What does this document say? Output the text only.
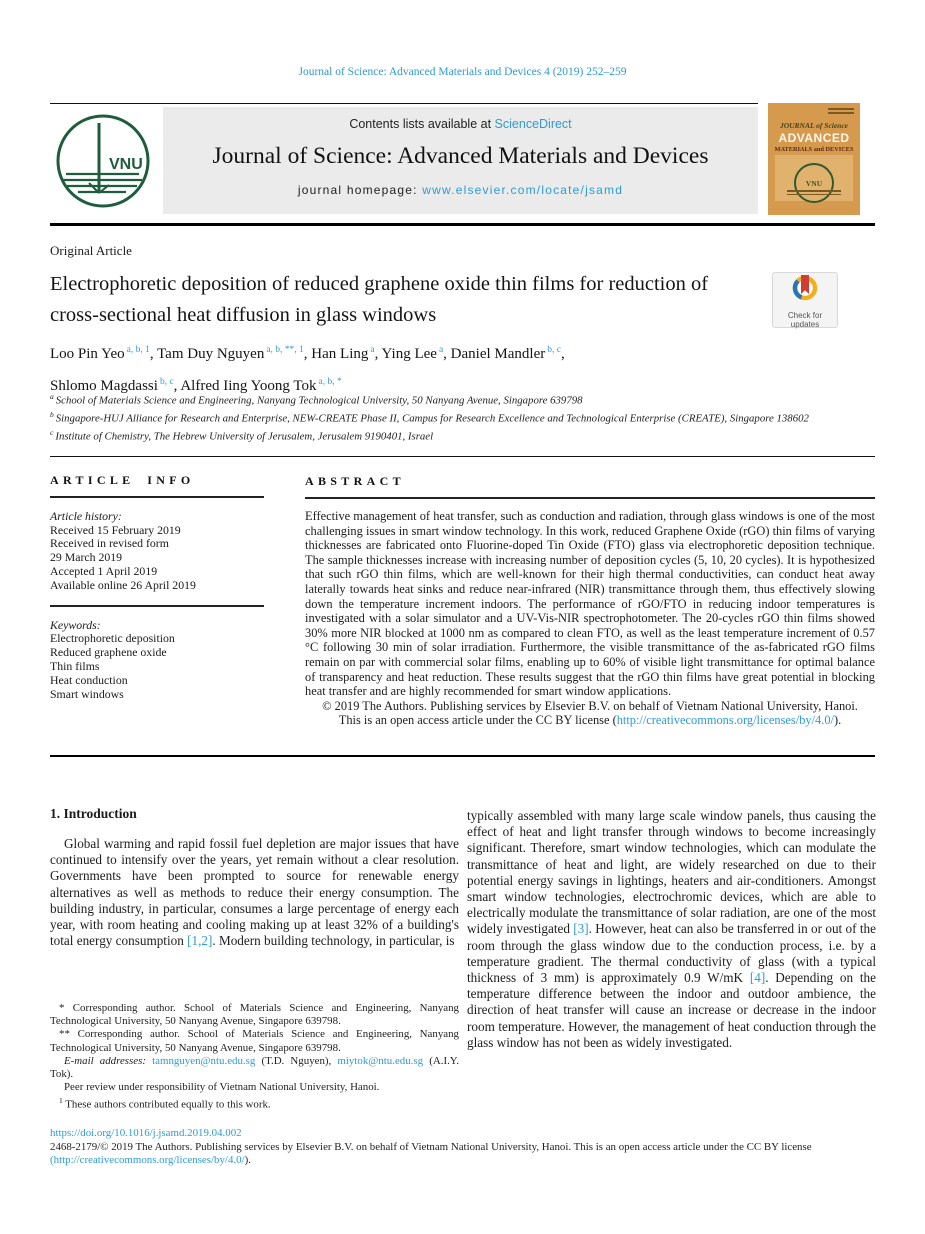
Journal of Science: Advanced Materials and Devices 4 (2019) 252–259
VNU
Contents lists available at ScienceDirect
Journal of Science: Advanced Materials and Devices
journal homepage: www.elsevier.com/locate/jsamd
JOURNAL of Science
ADVANCED
MATERIALS and DEVICES
VNU
Original Article
Electrophoretic deposition of reduced graphene oxide thin films for reduction of cross-sectional heat diffusion in glass windows	Check for
updates
Loo Pin Yeo $^{a, b, 1}$, Tam Duy Nguyen $^{a, b, **, 1}$, Han Ling $^a$, Ying Lee $^a$, Daniel Mandler $^{b, c}$,
Shlomo Magdassi $^{b, c}$, Alfred Iing Yoong Tok $^{a, b, *}$
$^a$ School of Materials Science and Engineering, Nanyang Technological University, 50 Nanyang Avenue, Singapore 639798
$^b$ Singapore-HUJ Alliance for Research and Enterprise, NEW-CREATE Phase II, Campus for Research Excellence and Technological Enterprise (CREATE), Singapore 138602
$^c$ Institute of Chemistry, The Hebrew University of Jerusalem, Jerusalem 9190401, Israel
ARTICLE INFO
Article history:
Received 15 February 2019
Received in revised form
29 March 2019
Accepted 1 April 2019
Available online 26 April 2019
Keywords:
Electrophoretic deposition
Reduced graphene oxide
Thin films
Heat conduction
Smart windows
ABSTRACT
Effective management of heat transfer, such as conduction and radiation, through glass windows is one of the most challenging issues in smart window technology. In this work, reduced Graphene Oxide (rGO) thin films of varying thicknesses are fabricated onto Fluorine-doped Tin Oxide (FTO) glass via electrophoretic deposition technique. The sample thicknesses increase with increasing number of deposition cycles (5, 10, 20 cycles). It is hypothesized that such rGO thin films, which are well-known for their high thermal conductivities, can conduct heat away laterally towards heat sinks and reduce near-infrared (NIR) transmittance through them, thus effectively slowing down the temperature increment indoors. The performance of rGO/FTO in reducing indoor temperatures is investigated with a solar simulator and a UV-Vis-NIR spectrophotometer. The 20-cycles rGO thin films showed 30% more NIR blocked at 1000 nm as compared to clean FTO, as well as the least temperature increment of 0.57 °C following 30 min of solar irradiation. Furthermore, the visible transmittance of the as-fabricated rGO films remain on par with commercial solar films, enabling up to 60% of visible light transmittance for optimal balance of transparency and heat reduction. These results suggest that the rGO thin films have great potential in blocking heat transfer and are highly recommended for smart window applications.
© 2019 The Authors. Publishing services by Elsevier B.V. on behalf of Vietnam National University, Hanoi.
This is an open access article under the CC BY license (http://creativecommons.org/licenses/by/4.0/).
1. Introduction

Global warming and rapid fossil fuel depletion are major issues that have continued to intensify over the years, yet remain without a clear resolution. Governments have been prompted to source for renewable energy alternatives as well as methods to reduce their energy consumption. The building industry, in particular, consumes a large percentage of energy each year, with room heating and cooling making up at least 32% of a building's total energy consumption [1,2]. Modern building technology, in particular, is

typically assembled with many large scale window panels, thus causing the effect of heat and light transfer through windows to become increasingly significant. Therefore, smart window technologies, which can modulate the transmittance of heat and light, are widely researched on due to their potential energy savings in lightings, heaters and air-conditioners. Amongst smart window technologies, electrochromic devices, which are able to electrically modulate the transmittance of solar radiation, are one of the most widely investigated [3]. However, heat can also be transferred in or out of the room through the glass window due to the conduction process, i.e. by a temperature gradient. The thermal conductivity of glass (with a typical thickness of 3 mm) is approximately 0.9 W/mK [4]. Depending on the temperature difference between the indoor and outdoor ambience, the direction of heat transfer will cause an increase or decrease in the indoor room temperature. However, the management of heat conduction through the glass window has not been as widely investigated.

* Corresponding author. School of Materials Science and Engineering, Nanyang Technological University, 50 Nanyang Avenue, Singapore 639798.

** Corresponding author. School of Materials Science and Engineering, Nanyang Technological University, 50 Nanyang Avenue, Singapore 639798.

E-mail addresses: tamnguyen@ntu.edu.sg (T.D. Nguyen), miytok@ntu.edu.sg (A.I.Y. Tok).

Peer review under responsibility of Vietnam National University, Hanoi.

$^1$ These authors contributed equally to this work.

https://doi.org/10.1016/j.jsamd.2019.04.002
2468-2179/© 2019 The Authors. Publishing services by Elsevier B.V. on behalf of Vietnam National University, Hanoi. This is an open access article under the CC BY license
(http://creativecommons.org/licenses/by/4.0/).
